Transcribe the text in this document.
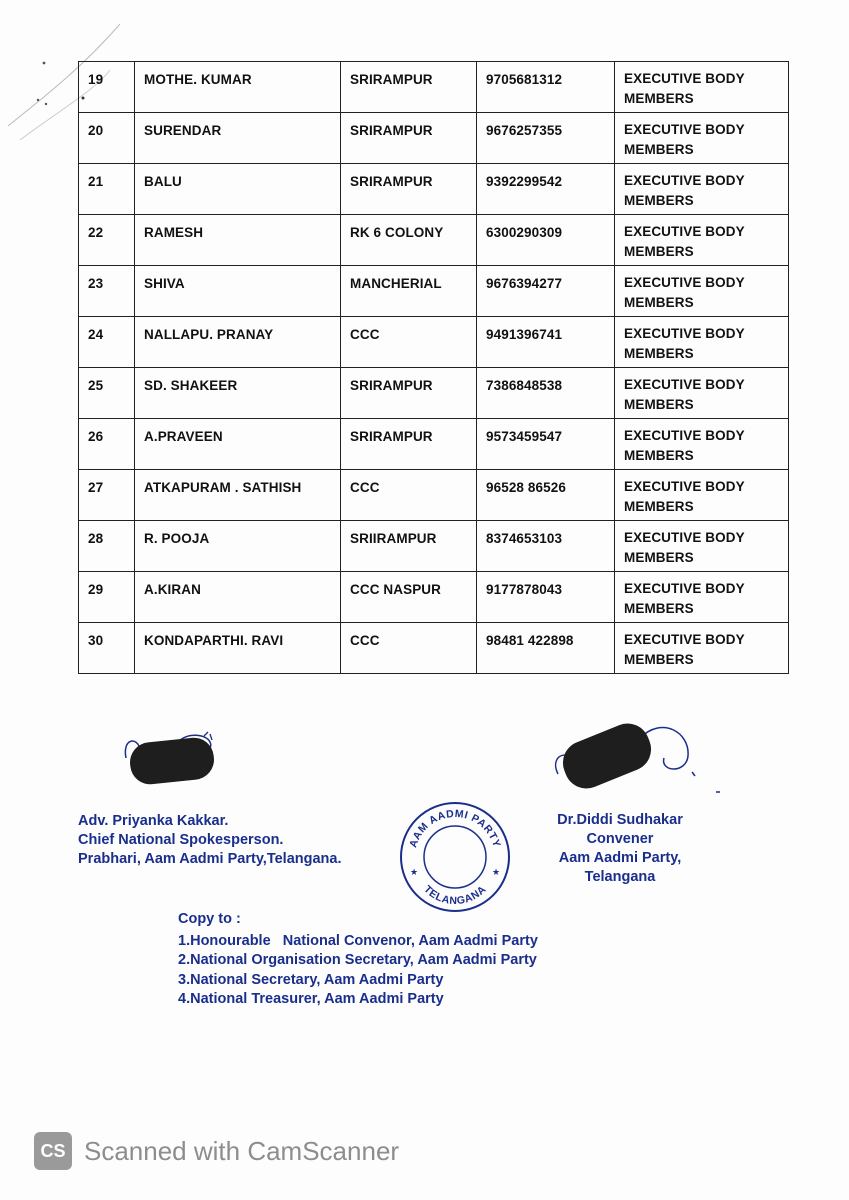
19	MOTHE. KUMAR	SRIRAMPUR	9705681312	EXECUTIVE BODY MEMBERS
20	SURENDAR	SRIRAMPUR	9676257355	EXECUTIVE BODY MEMBERS
21	BALU	SRIRAMPUR	9392299542	EXECUTIVE BODY MEMBERS
22	RAMESH	RK 6 COLONY	6300290309	EXECUTIVE BODY MEMBERS
23	SHIVA	MANCHERIAL	9676394277	EXECUTIVE BODY MEMBERS
24	NALLAPU. PRANAY	CCC	9491396741	EXECUTIVE BODY MEMBERS
25	SD. SHAKEER	SRIRAMPUR	7386848538	EXECUTIVE BODY MEMBERS
26	A.PRAVEEN	SRIRAMPUR	9573459547	EXECUTIVE BODY MEMBERS
27	ATKAPURAM . SATHISH	CCC	96528 86526	EXECUTIVE BODY MEMBERS
28	R. POOJA	SRIIRAMPUR	8374653103	EXECUTIVE BODY MEMBERS
29	A.KIRAN	CCC NASPUR	9177878043	EXECUTIVE BODY MEMBERS
30	KONDAPARTHI. RAVI	CCC	98481 422898	EXECUTIVE BODY MEMBERS
Adv. Priyanka Kakkar.
Chief National Spokesperson.
Prabhari, Aam Aadmi Party,Telangana.
AAM AADMI PARTY
TELANGANA
★	★
Dr.Diddi Sudhakar
Convener
Aam Aadmi Party,
Telangana
Copy to :
1.Honourable   National Convenor, Aam Aadmi Party
2.National Organisation Secretary, Aam Aadmi Party
3.National Secretary, Aam Aadmi Party
4.National Treasurer, Aam Aadmi Party
CS Scanned with CamScanner
